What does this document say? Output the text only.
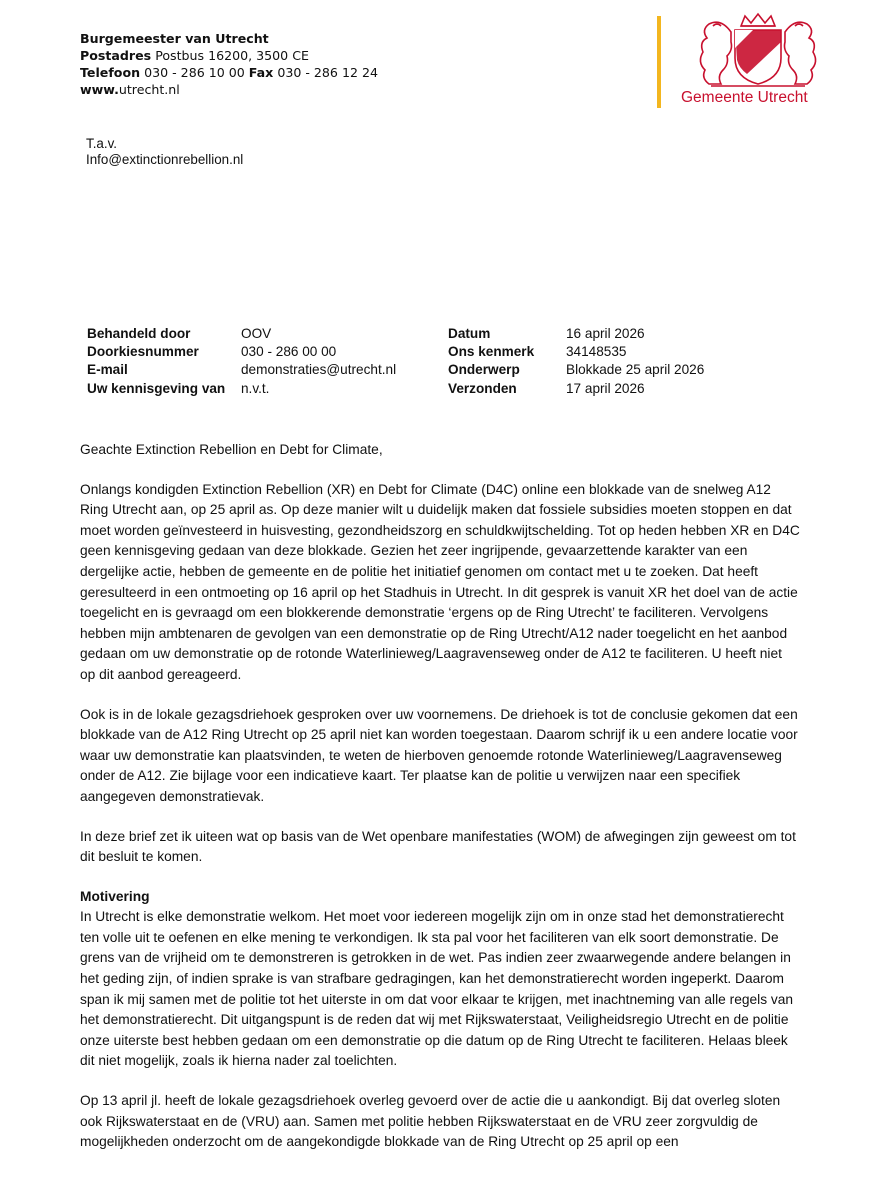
Burgemeester van Utrecht
Postadres Postbus 16200, 3500 CE
Telefoon 030 - 286 10 00 Fax 030 - 286 12 24
www.utrecht.nl	Gemeente Utrecht
T.a.v.
Info@extinctionrebellion.nl
Behandeld door	OOV	Datum	16 april 2026
Doorkiesnummer	030 - 286 00 00	Ons kenmerk 34148535
E-mail	demonstraties@utrecht.nl	Onderwerp	Blokkade 25 april 2026
Uw kennisgeving van n.v.t.	Verzonden	17 april 2026

Geachte Extinction Rebellion en Debt for Climate,

Onlangs kondigden Extinction Rebellion (XR) en Debt for Climate (D4C) online een blokkade van de snelweg A12 Ring Utrecht aan, op 25 april as. Op deze manier wilt u duidelijk maken dat fossiele subsidies moeten stoppen en dat moet worden geïnvesteerd in huisvesting, gezondheidszorg en schuldkwijtschelding. Tot op heden hebben XR en D4C geen kennisgeving gedaan van deze blokkade. Gezien het zeer ingrijpende, gevaarzettende karakter van een dergelijke actie, hebben de gemeente en de politie het initiatief genomen om contact met u te zoeken. Dat heeft geresulteerd in een ontmoeting op 16 april op het Stadhuis in Utrecht. In dit gesprek is vanuit XR het doel van de actie toegelicht en is gevraagd om een blokkerende demonstratie ‘ergens op de Ring Utrecht’ te faciliteren. Vervolgens hebben mijn ambtenaren de gevolgen van een demonstratie op de Ring Utrecht/A12 nader toegelicht en het aanbod gedaan om uw demonstratie op de rotonde Waterlinieweg/Laagravenseweg onder de A12 te faciliteren. U heeft niet op dit aanbod gereageerd.

Ook is in de lokale gezagsdriehoek gesproken over uw voornemens. De driehoek is tot de conclusie gekomen dat een blokkade van de A12 Ring Utrecht op 25 april niet kan worden toegestaan. Daarom schrijf ik u een andere locatie voor waar uw demonstratie kan plaatsvinden, te weten de hierboven genoemde rotonde Waterlinieweg/Laagravenseweg onder de A12. Zie bijlage voor een indicatieve kaart. Ter plaatse kan de politie u verwijzen naar een specifiek aangegeven demonstratievak.

In deze brief zet ik uiteen wat op basis van de Wet openbare manifestaties (WOM) de afwegingen zijn geweest om tot dit besluit te komen.

Motivering

In Utrecht is elke demonstratie welkom. Het moet voor iedereen mogelijk zijn om in onze stad het demonstratierecht ten volle uit te oefenen en elke mening te verkondigen. Ik sta pal voor het faciliteren van elk soort demonstratie. De grens van de vrijheid om te demonstreren is getrokken in de wet. Pas indien zeer zwaarwegende andere belangen in het geding zijn, of indien sprake is van strafbare gedragingen, kan het demonstratierecht worden ingeperkt. Daarom span ik mij samen met de politie tot het uiterste in om dat voor elkaar te krijgen, met inachtneming van alle regels van het demonstratierecht. Dit uitgangspunt is de reden dat wij met Rijkswaterstaat, Veiligheidsregio Utrecht en de politie onze uiterste best hebben gedaan om een demonstratie op die datum op de Ring Utrecht te faciliteren. Helaas bleek dit niet mogelijk, zoals ik hierna nader zal toelichten.

Op 13 april jl. heeft de lokale gezagsdriehoek overleg gevoerd over de actie die u aankondigt. Bij dat overleg sloten ook Rijkswaterstaat en de (VRU) aan. Samen met politie hebben Rijkswaterstaat en de VRU zeer zorgvuldig de mogelijkheden onderzocht om de aangekondigde blokkade van de Ring Utrecht op 25 april op een
